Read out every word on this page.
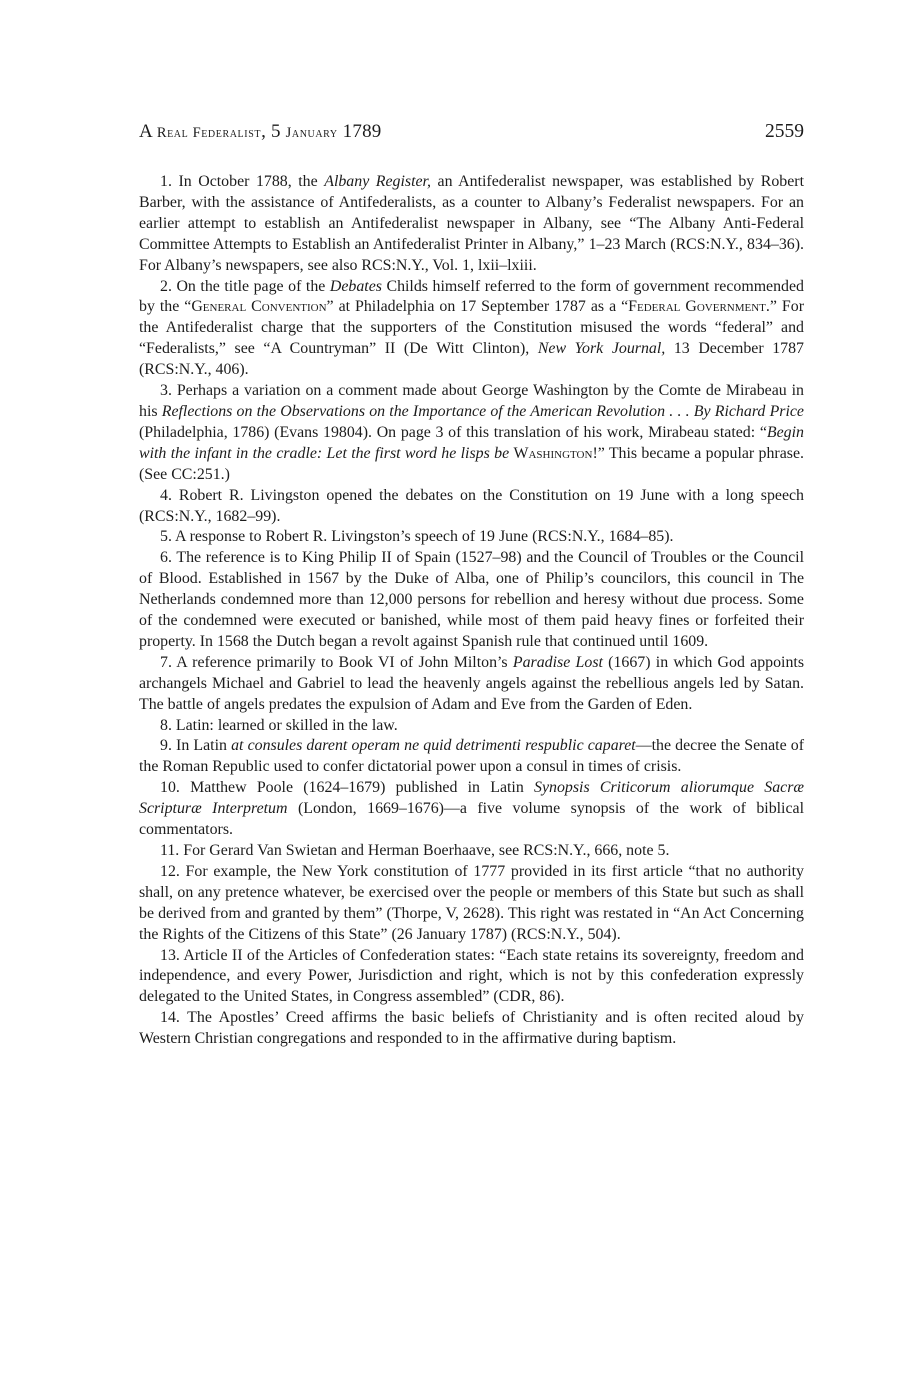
A Real Federalist, 5 January 1789	2559

1. In October 1788, the Albany Register, an Antifederalist newspaper, was established by Robert Barber, with the assistance of Antifederalists, as a counter to Albany’s Federalist newspapers. For an earlier attempt to establish an Antifederalist newspaper in Albany, see “The Albany Anti-Federal Committee Attempts to Establish an Antifederalist Printer in Albany,” 1–23 March (RCS:N.Y., 834–36). For Albany’s newspapers, see also RCS:N.Y., Vol. 1, lxii–lxiii.

2. On the title page of the Debates Childs himself referred to the form of government recommended by the “General Convention” at Philadelphia on 17 September 1787 as a “Federal Government.” For the Antifederalist charge that the supporters of the Constitution misused the words “federal” and “Federalists,” see “A Countryman” II (De Witt Clinton), New York Journal, 13 December 1787 (RCS:N.Y., 406).

3. Perhaps a variation on a comment made about George Washington by the Comte de Mirabeau in his Reflections on the Observations on the Importance of the American Revolution . . . By Richard Price (Philadelphia, 1786) (Evans 19804). On page 3 of this translation of his work, Mirabeau stated: “Begin with the infant in the cradle: Let the first word he lisps be Washington!” This became a popular phrase. (See CC:251.)

4. Robert R. Livingston opened the debates on the Constitution on 19 June with a long speech (RCS:N.Y., 1682–99).

5. A response to Robert R. Livingston’s speech of 19 June (RCS:N.Y., 1684–85).

6. The reference is to King Philip II of Spain (1527–98) and the Council of Troubles or the Council of Blood. Established in 1567 by the Duke of Alba, one of Philip’s councilors, this council in The Netherlands condemned more than 12,000 persons for rebellion and heresy without due process. Some of the condemned were executed or banished, while most of them paid heavy fines or forfeited their property. In 1568 the Dutch began a revolt against Spanish rule that continued until 1609.

7. A reference primarily to Book VI of John Milton’s Paradise Lost (1667) in which God appoints archangels Michael and Gabriel to lead the heavenly angels against the rebellious angels led by Satan. The battle of angels predates the expulsion of Adam and Eve from the Garden of Eden.

8. Latin: learned or skilled in the law.

9. In Latin at consules darent operam ne quid detrimenti respublic caparet—the decree the Senate of the Roman Republic used to confer dictatorial power upon a consul in times of crisis.

10. Matthew Poole (1624–1679) published in Latin Synopsis Criticorum aliorumque Sacræ Scripturæ Interpretum (London, 1669–1676)—a five volume synopsis of the work of biblical commentators.

11. For Gerard Van Swietan and Herman Boerhaave, see RCS:N.Y., 666, note 5.

12. For example, the New York constitution of 1777 provided in its first article “that no authority shall, on any pretence whatever, be exercised over the people or members of this State but such as shall be derived from and granted by them” (Thorpe, V, 2628). This right was restated in “An Act Concerning the Rights of the Citizens of this State” (26 January 1787) (RCS:N.Y., 504).

13. Article II of the Articles of Confederation states: “Each state retains its sovereignty, freedom and independence, and every Power, Jurisdiction and right, which is not by this confederation expressly delegated to the United States, in Congress assembled” (CDR, 86).

14. The Apostles’ Creed affirms the basic beliefs of Christianity and is often recited aloud by Western Christian congregations and responded to in the affirmative during baptism.
